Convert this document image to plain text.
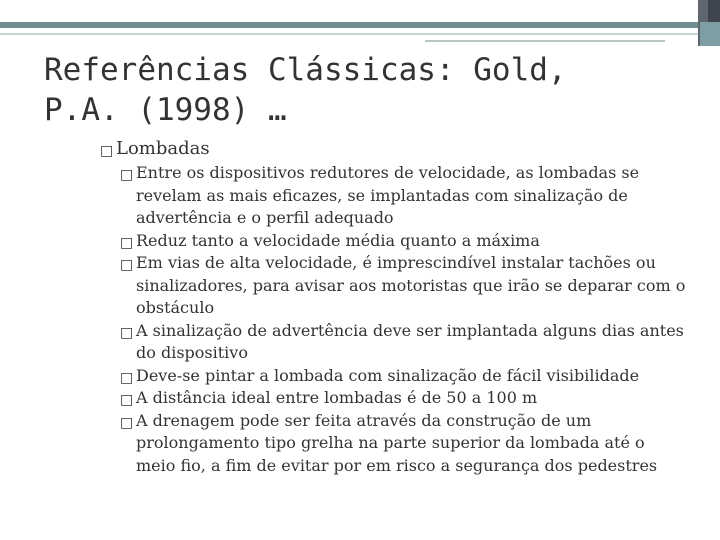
Referências Clássicas: Gold, P.A. (1998) …
□ Lombadas
□ Entre os dispositivos redutores de velocidade, as lombadas se revelam as mais eficazes, se implantadas com sinalização de advertência e o perfil adequado
□ Reduz tanto a velocidade média quanto a máxima
□ Em vias de alta velocidade, é imprescindível instalar tachões ou sinalizadores, para avisar aos motoristas que irão se deparar com o obstáculo
□ A sinalização de advertência deve ser implantada alguns dias antes do dispositivo
□ Deve-se pintar a lombada com sinalização de fácil visibilidade
□ A distância ideal entre lombadas é de 50 a 100 m
□ A drenagem pode ser feita através da construção de um prolongamento tipo grelha na parte superior da lombada até o meio fio, a fim de evitar por em risco a segurança dos pedestres
